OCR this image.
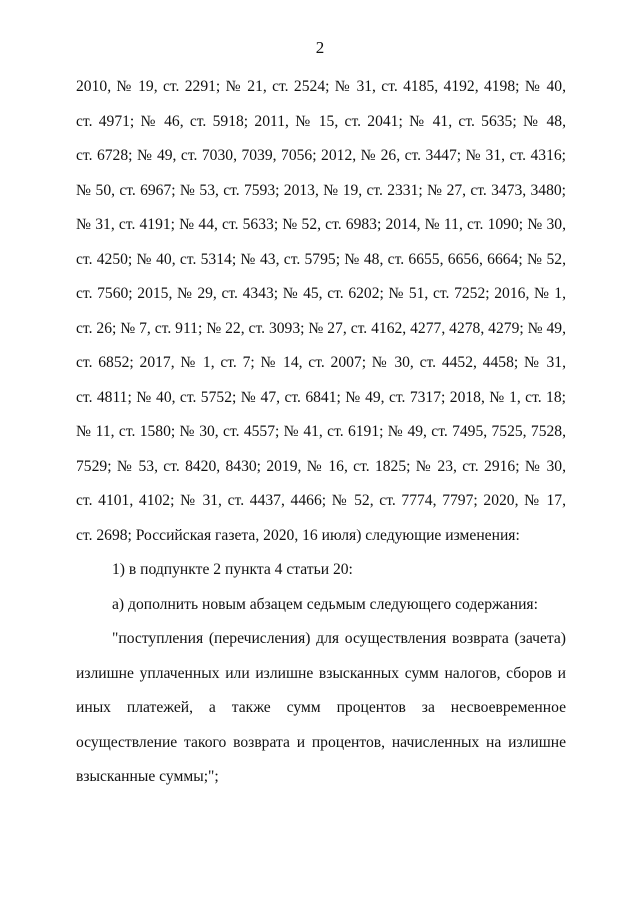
2
2010, № 19, ст. 2291; № 21, ст. 2524; № 31, ст. 4185, 4192, 4198; № 40,
ст. 4971; № 46, ст. 5918; 2011, № 15, ст. 2041; № 41, ст. 5635; № 48,
ст. 6728; № 49, ст. 7030, 7039, 7056; 2012, № 26, ст. 3447; № 31, ст. 4316;
№ 50, ст. 6967; № 53, ст. 7593; 2013, № 19, ст. 2331; № 27, ст. 3473, 3480;
№ 31, ст. 4191; № 44, ст. 5633; № 52, ст. 6983; 2014, № 11, ст. 1090; № 30,
ст. 4250; № 40, ст. 5314; № 43, ст. 5795; № 48, ст. 6655, 6656, 6664; № 52,
ст. 7560; 2015, № 29, ст. 4343; № 45, ст. 6202; № 51, ст. 7252; 2016, № 1,
ст. 26; № 7, ст. 911; № 22, ст. 3093; № 27, ст. 4162, 4277, 4278, 4279; № 49,
ст. 6852; 2017, № 1, ст. 7; № 14, ст. 2007; № 30, ст. 4452, 4458; № 31,
ст. 4811; № 40, ст. 5752; № 47, ст. 6841; № 49, ст. 7317; 2018, № 1, ст. 18;
№ 11, ст. 1580; № 30, ст. 4557; № 41, ст. 6191; № 49, ст. 7495, 7525, 7528,
7529; № 53, ст. 8420, 8430; 2019, № 16, ст. 1825; № 23, ст. 2916; № 30,
ст. 4101, 4102; № 31, ст. 4437, 4466; № 52, ст. 7774, 7797; 2020, № 17,
ст. 2698; Российская газета, 2020, 16 июля) следующие изменения:
1) в подпункте 2 пункта 4 статьи 20:
а) дополнить новым абзацем седьмым следующего содержания:
"поступления (перечисления) для осуществления возврата (зачета)
излишне уплаченных или излишне взысканных сумм налогов, сборов и
иных платежей, а также сумм процентов за несвоевременное
осуществление такого возврата и процентов, начисленных на излишне
взысканные суммы;";
